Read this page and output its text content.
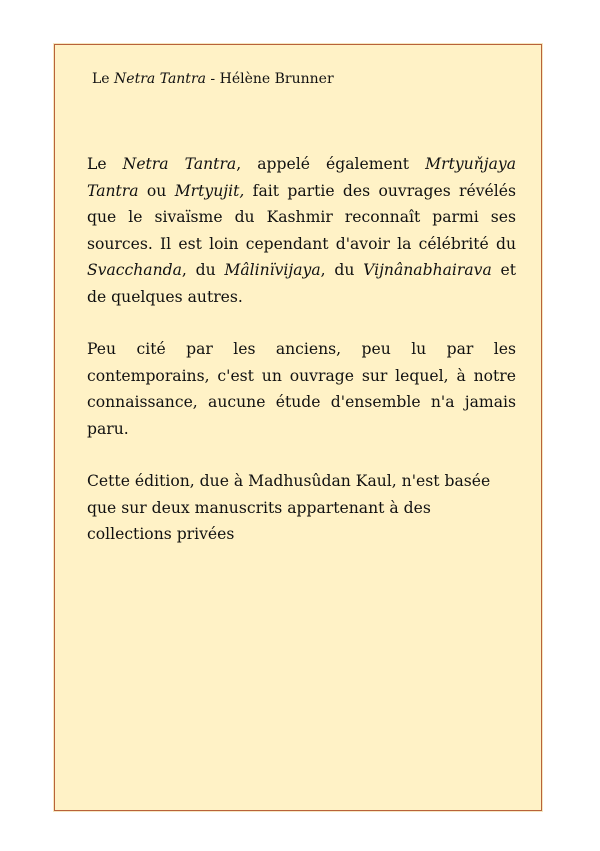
Le Netra Tantra - Hélène Brunner

Le Netra Tantra, appelé également Mrtyuňjaya Tantra ou Mrtyujit, fait partie des ouvrages révélés que le sivaïsme du Kashmir reconnaît parmi ses sources. Il est loin cependant d'avoir la célébrité du Svacchanda, du Mâlinïvijaya, du Vijnânabhairava et de quelques autres.

Peu cité par les anciens, peu lu par les contemporains, c'est un ouvrage sur lequel, à notre connaissance, aucune étude d'ensemble n'a jamais paru.

Cette édition, due à Madhusûdan Kaul, n'est basée que sur deux manuscrits appartenant à des collections privées
